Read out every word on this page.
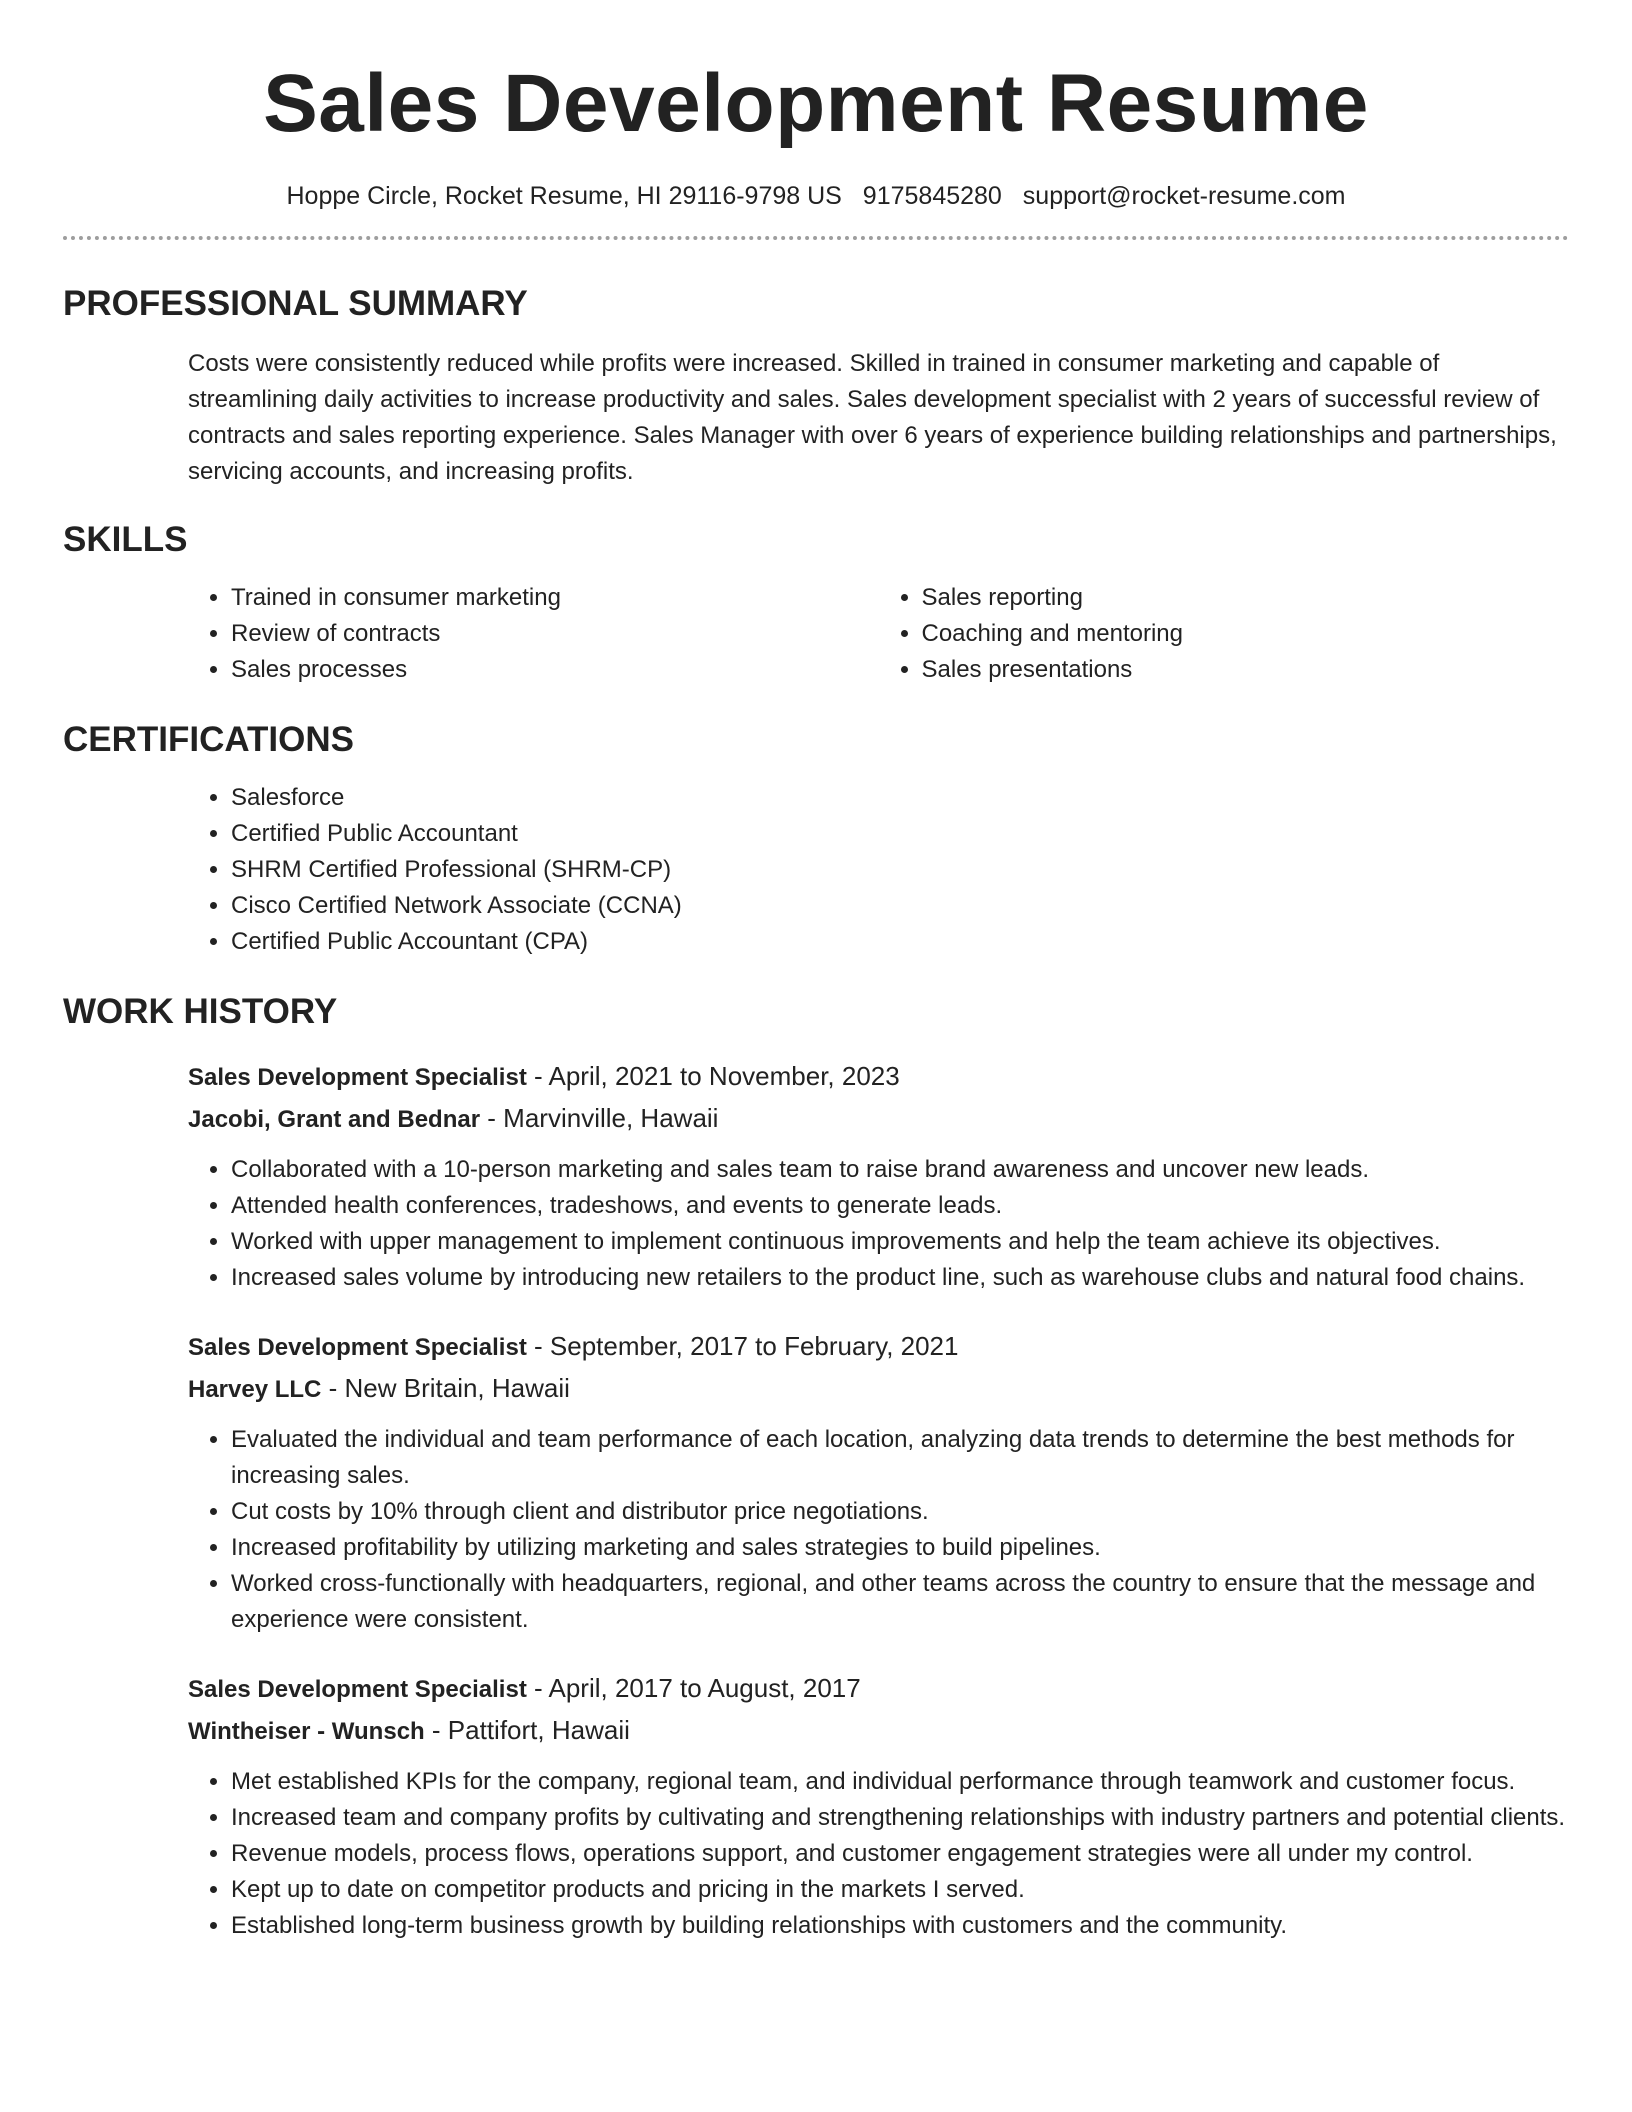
Sales Development Resume
Hoppe Circle, Rocket Resume, HI 29116-9798 US 9175845280 support@rocket-resume.com
PROFESSIONAL SUMMARY

Costs were consistently reduced while profits were increased. Skilled in trained in consumer marketing and capable of streamlining daily activities to increase productivity and sales. Sales development specialist with 2 years of successful review of contracts and sales reporting experience. Sales Manager with over 6 years of experience building relationships and partnerships, servicing accounts, and increasing profits.

SKILLS
• Trained in consumer marketing
• Review of contracts
• Sales processes
• Sales reporting
• Coaching and mentoring
• Sales presentations
CERTIFICATIONS
• Salesforce
• Certified Public Accountant
• SHRM Certified Professional (SHRM-CP)
• Cisco Certified Network Associate (CCNA)
• Certified Public Accountant (CPA)
WORK HISTORY
Sales Development Specialist - April, 2021 to November, 2023
Jacobi, Grant and Bednar - Marvinville, Hawaii
• Collaborated with a 10-person marketing and sales team to raise brand awareness and uncover new leads.
• Attended health conferences, tradeshows, and events to generate leads.
• Worked with upper management to implement continuous improvements and help the team achieve its objectives.
• Increased sales volume by introducing new retailers to the product line, such as warehouse clubs and natural food chains.
Sales Development Specialist - September, 2017 to February, 2021
Harvey LLC - New Britain, Hawaii
• Evaluated the individual and team performance of each location, analyzing data trends to determine the best methods for increasing sales.
• Cut costs by 10% through client and distributor price negotiations.
• Increased profitability by utilizing marketing and sales strategies to build pipelines.
• Worked cross-functionally with headquarters, regional, and other teams across the country to ensure that the message and experience were consistent.
Sales Development Specialist - April, 2017 to August, 2017
Wintheiser - Wunsch - Pattifort, Hawaii
• Met established KPIs for the company, regional team, and individual performance through teamwork and customer focus.
• Increased team and company profits by cultivating and strengthening relationships with industry partners and potential clients.
• Revenue models, process flows, operations support, and customer engagement strategies were all under my control.
• Kept up to date on competitor products and pricing in the markets I served.
• Established long-term business growth by building relationships with customers and the community.
